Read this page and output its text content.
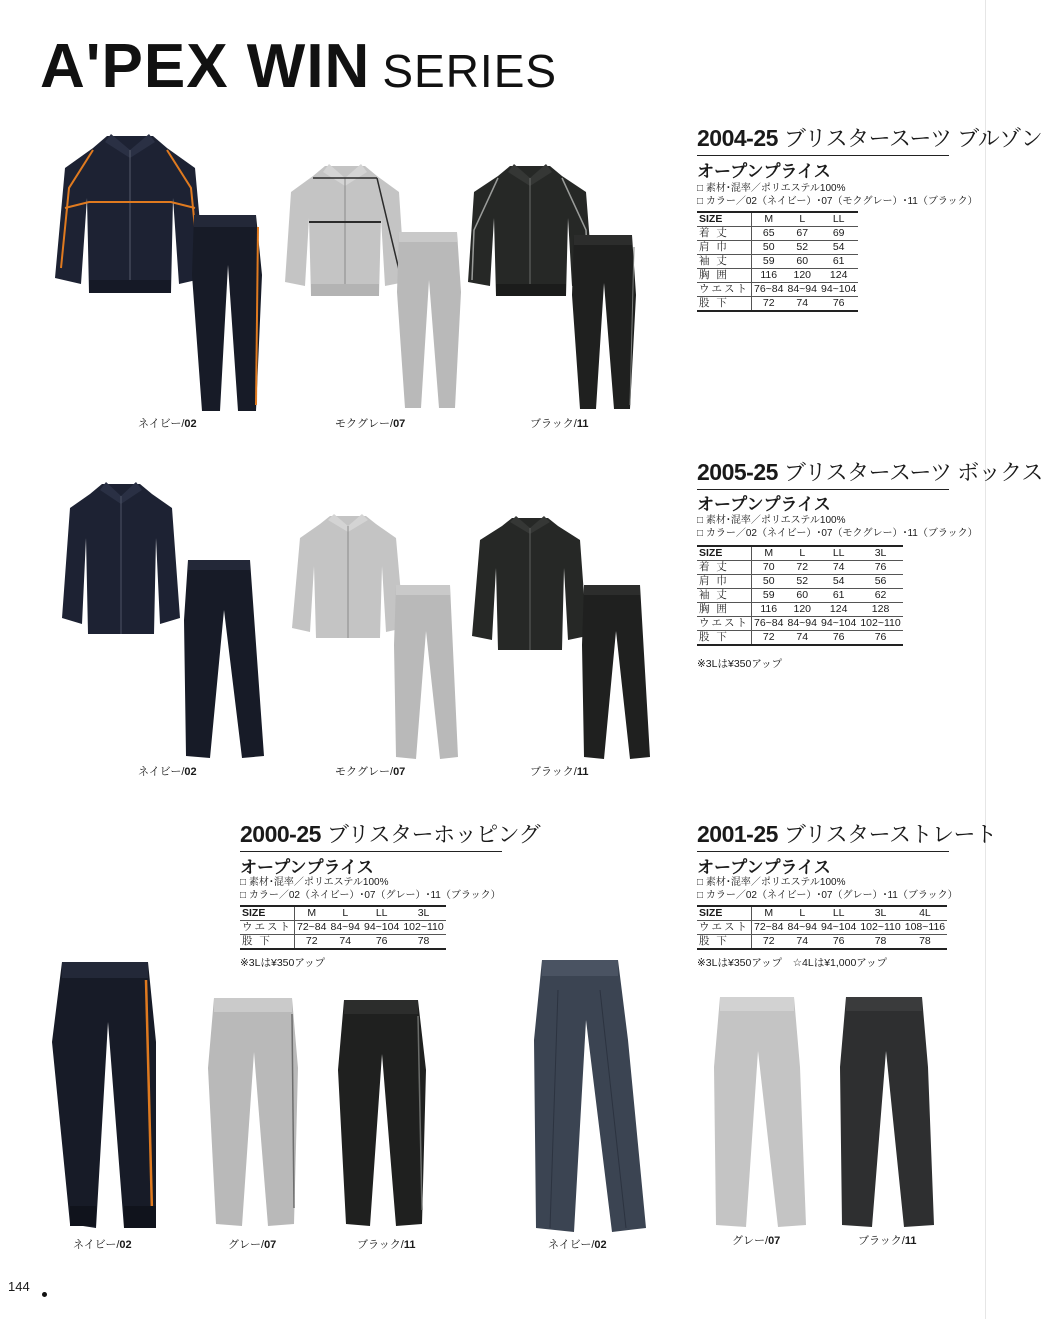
A'PEX WIN SERIES
2004-25 ブリスタースーツ ブルゾン
オープンプライス
□ 素材･混率／ポリエステル100%
□ カラー／02（ネイビー）･07（モクグレー）･11（ブラック）
SIZE	M	L	LL
着 丈	65	67	69
肩 巾	50	52	54
袖 丈	59	60	61
胸 囲	116	120	124
ウエスト	76~84	84~94	94~104
股 下	72	74	76
2005-25 ブリスタースーツ ボックス
オープンプライス
□ 素材･混率／ポリエステル100%
□ カラー／02（ネイビー）･07（モクグレー）･11（ブラック）
SIZE	M	L	LL	3L
着 丈	70	72	74	76
肩 巾	50	52	54	56
袖 丈	59	60	61	62
胸 囲	116	120	124	128
ウエスト	76~84	84~94	94~104	102~110
股 下	72	74	76	76
※3Lは¥350アップ
2000-25 ブリスターホッピング
オープンプライス
□ 素材･混率／ポリエステル100%
□ カラー／02（ネイビー）･07（グレー）･11（ブラック）
SIZE	M	L	LL	3L
ウエスト	72~84	84~94	94~104	102~110
股 下	72	74	76	78
※3Lは¥350アップ
2001-25 ブリスターストレート
オープンプライス
□ 素材･混率／ポリエステル100%
□ カラー／02（ネイビー）･07（グレー）･11（ブラック）
SIZE	M	L	LL	3L	4L
ウエスト	72~84	84~94	94~104	102~110	108~116
股 下	72	74	76	78	78
※3Lは¥350アップ　☆4Lは¥1,000アップ
ネイビー/02	モクグレー/07	ブラック/11
ネイビー/02	モクグレー/07	ブラック/11
ネイビー/02	グレー/07	ブラック/11	ネイビー/02	グレー/07	ブラック/11
144
